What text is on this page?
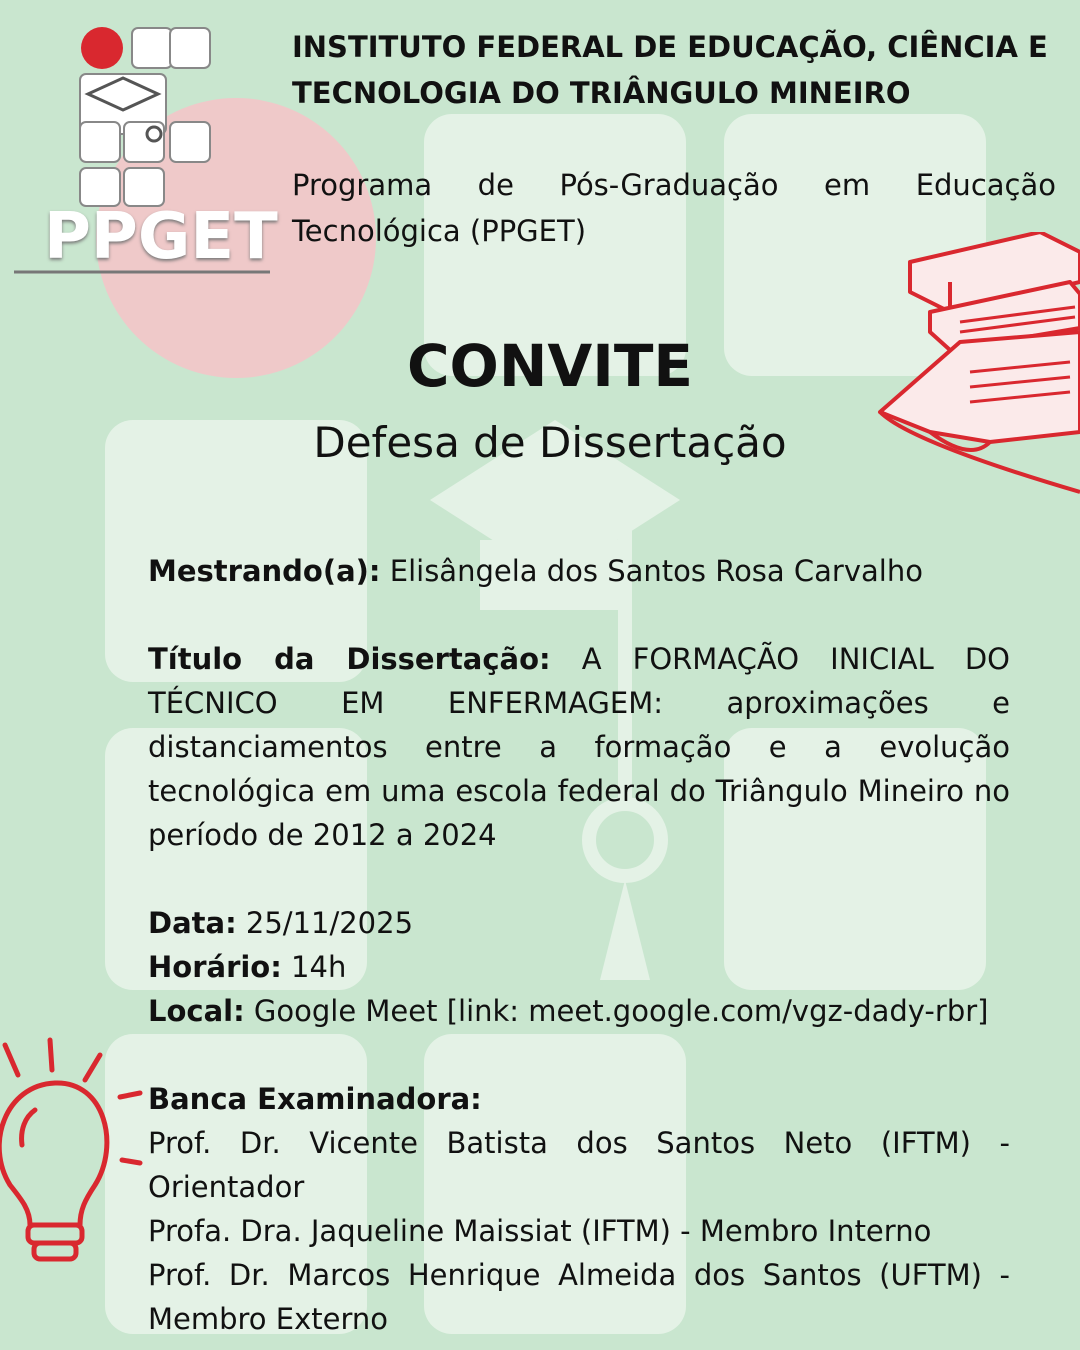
PPGET
INSTITUTO FEDERAL DE EDUCAÇÃO, CIÊNCIA E TECNOLOGIA DO TRIÂNGULO MINEIRO

Programa de Pós-Graduação em Educação Tecnológica (PPGET)

CONVITE
Defesa de Dissertação

Mestrando(a): Elisângela dos Santos Rosa Carvalho

Título da Dissertação: A FORMAÇÃO INICIAL DO TÉCNICO EM ENFERMAGEM: aproximações e distanciamentos entre a formação e a evolução tecnológica em uma escola federal do Triângulo Mineiro no período de 2012 a 2024

Data: 25/11/2025

Horário: 14h

Local: Google Meet [link: meet.google.com/vgz-dady-rbr]

Banca Examinadora:

Prof. Dr. Vicente Batista dos Santos Neto (IFTM) - Orientador

Profa. Dra. Jaqueline Maissiat (IFTM) - Membro Interno

Prof. Dr. Marcos Henrique Almeida dos Santos (UFTM) - Membro Externo
